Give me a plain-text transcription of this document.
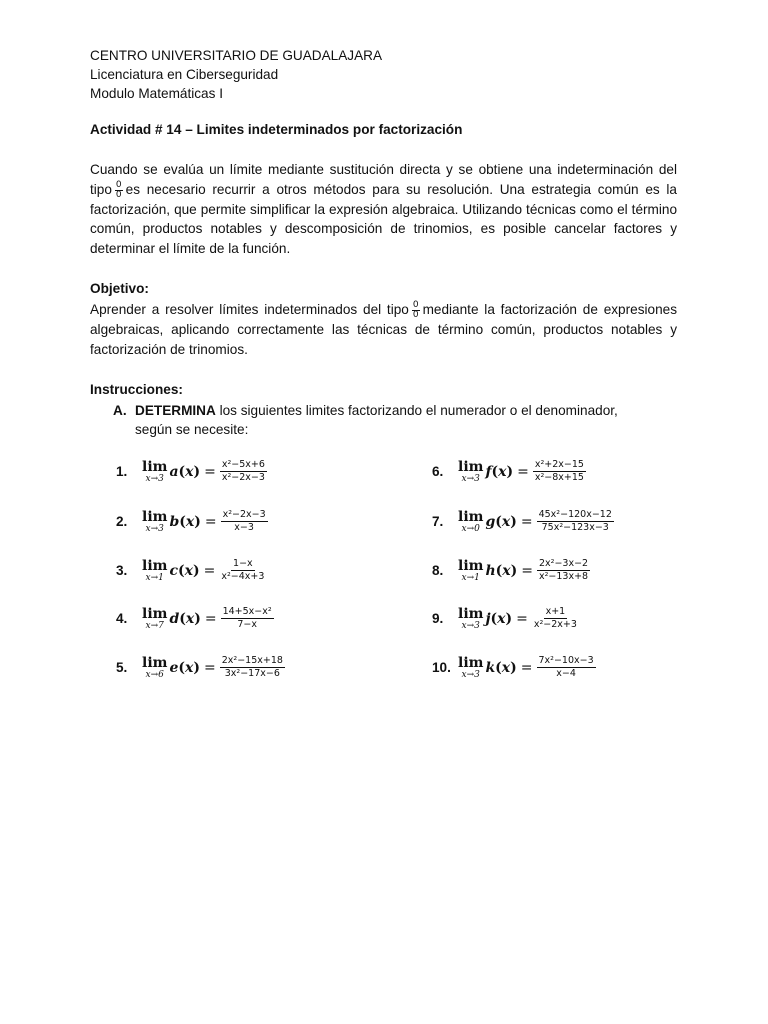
CENTRO UNIVERSITARIO DE GUADALAJARA
Licenciatura en Ciberseguridad
Modulo Matemáticas I
Actividad # 14 – Limites indeterminados por factorización
Cuando se evalúa un límite mediante sustitución directa y se obtiene una indeterminación del tipo $\frac{0}{0}$ es necesario recurrir a otros métodos para su resolución. Una estrategia común es la factorización, que permite simplificar la expresión algebraica. Utilizando técnicas como el término común, productos notables y descomposición de trinomios, es posible cancelar factores y determinar el límite de la función.
Objetivo:
Aprender a resolver límites indeterminados del tipo $\frac{0}{0}$ mediante la factorización de expresiones algebraicas, aplicando correctamente las técnicas de término común, productos notables y factorización de trinomios.
Instrucciones:
A. DETERMINA los siguientes limites factorizando el numerador o el denominador,
según se necesite:
1.	lim
x→3 a $(x) = \frac{\text{x²−5x+6}}{\text{x²−2x−3}}$
2.	lim
x→3 b $(x) = \frac{\text{x²−2x−3}}{x-3}$
3.	lim
x→1 c $(x) = \frac{1-x}{\text{x²−4x+3}}$
4.	lim
x→7 d $(x) = \frac{\text{14+5x−x²}}{7-x}$
5.	lim
x→6 e $(x) = \frac{\text{2x²−15x+18}}{\text{3x²−17x−6}}$
6.	lim
x→3 f $(x) = \frac{\text{x²+2x−15}}{\text{x²−8x+15}}$
7.	lim
x→0 g $(x) = \frac{\text{45x²−120x−12}}{\text{75x²−123x−3}}$
8.	lim
x→1 h $(x) = \frac{\text{2x²−3x−2}}{\text{x²−13x+8}}$
9.	lim
x→3 j $(x) = \frac{x+1}{\text{x²−2x+3}}$
10. lim
x→3 k $(x) = \frac{\text{7x²−10x−3}}{x-4}$
